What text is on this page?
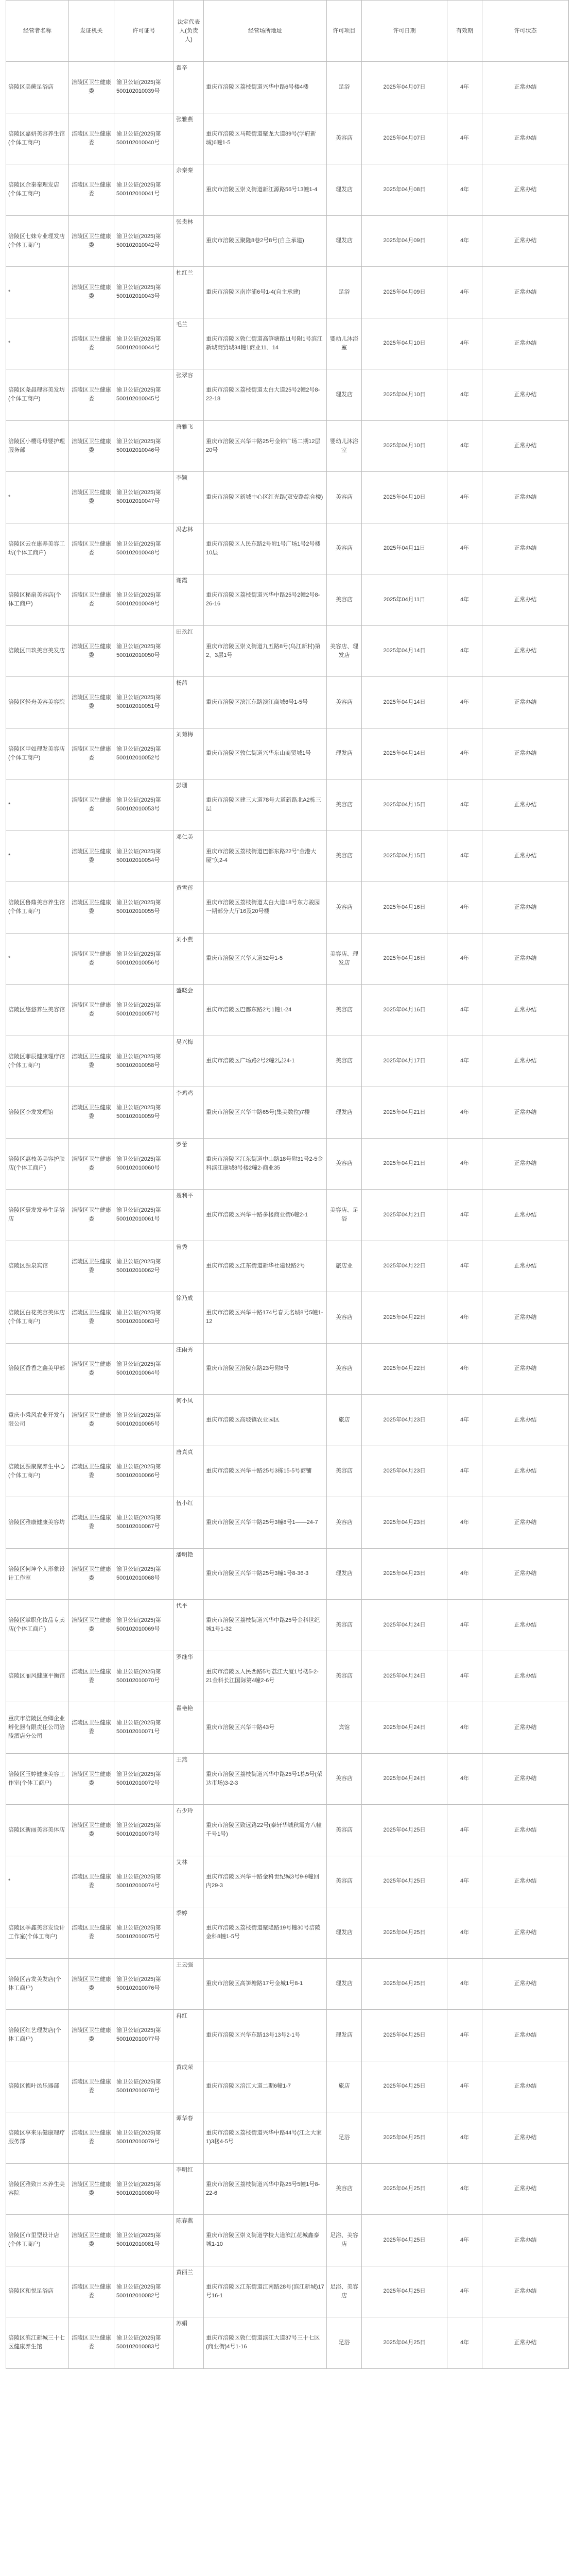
经营者名称	发证机关	许可证号	法定代表人(负责人)	经营场所地址	许可项目	许可日期	有效期	许可状态
涪陵区美蕨足浴店	涪陵区卫生健康委	渝卫公证(2025)第500102010039号	翟辛	重庆市涪陵区荔枝街道兴华中路6号楼4楼	足浴	2025年04月07日	4年	正常办结
涪陵区嘉妍美容养生馆(个体工商户)	涪陵区卫生健康委	渝卫公证(2025)第500102010040号	张雅燕	重庆市涪陵区马鞍街道聚龙大道89号(学府新城)6幢1-5	美容店	2025年04月07日	4年	正常办结
涪陵区余秦秦理发店(个体工商户)	涪陵区卫生健康委	渝卫公证(2025)第500102010041号	余秦秦	重庆市涪陵区崇义街道新江源路56号13幢1-4	理发店	2025年04月08日	4年	正常办结
涪陵区七妹专业理发店(个体工商户)	涪陵区卫生健康委	渝卫公证(2025)第500102010042号	张贵林	重庆市涪陵区聚隆8巷2号8号(自主承建)	理发店	2025年04月09日	4年	正常办结
*	涪陵区卫生健康委	渝卫公证(2025)第500102010043号	杜红兰	重庆市涪陵区南岸浦6号1-4(自主承建)	足浴	2025年04月09日	4年	正常办结
*	涪陵区卫生健康委	渝卫公证(2025)第500102010044号	毛兰	重庆市涪陵区敦仁街道高笋塘路11号附1号滨江新城商贸城34幢1商业11、14	婴幼儿沐浴室	2025年04月10日	4年	正常办结
涪陵区尧晨理容美发坊(个体工商户)	涪陵区卫生健康委	渝卫公证(2025)第500102010045号	张翠容	重庆市涪陵区荔枝街道太白大道25号2幢2号8-22-18	理发店	2025年04月10日	4年	正常办结
涪陵区小樱母母婴护理服务部	涪陵区卫生健康委	渝卫公证(2025)第500102010046号	唐雅飞	重庆市涪陵区兴华中路25号金钟广场二期12层20号	婴幼儿沐浴室	2025年04月10日	4年	正常办结
*	涪陵区卫生健康委	渝卫公证(2025)第500102010047号	李颖	重庆市涪陵区新城中心区红光路(双安路综合楼)	美容店	2025年04月10日	4年	正常办结
涪陵区云在康养美容工坊(个体工商户)	涪陵区卫生健康委	渝卫公证(2025)第500102010048号	冯志林	重庆市涪陵区人民东路2号附1号广场1号2号楼10层	美容店	2025年04月11日	4年	正常办结
涪陵区秘扇美容店(个体工商户)	涪陵区卫生健康委	渝卫公证(2025)第500102010049号	谢霞	重庆市涪陵区荔枝街道兴华中路25号2幢2号8-26-16	美容店	2025年04月11日	4年	正常办结
涪陵区田玖美容美发店	涪陵区卫生健康委	渝卫公证(2025)第500102010050号	田玖红	重庆市涪陵区崇义街道九五路8号(乌江新村)第2、3层1号	美容店、理发店	2025年04月14日	4年	正常办结
涪陵区轻舟美容美容院	涪陵区卫生健康委	渝卫公证(2025)第500102010051号	杨茜	重庆市涪陵区滨江东路滨江商城6号1-5号	美容店	2025年04月14日	4年	正常办结
涪陵区甲如理发美容店(个体工商户)	涪陵区卫生健康委	渝卫公证(2025)第500102010052号	刘菊梅	重庆市涪陵区敦仁街道兴华东山商贸城1号	理发店	2025年04月14日	4年	正常办结
*	涪陵区卫生健康委	渝卫公证(2025)第500102010053号	彭珊	重庆市涪陵区建三大道78号大道新路北A2栋三层	美容店	2025年04月15日	4年	正常办结
*	涪陵区卫生健康委	渝卫公证(2025)第500102010054号	邓仁美	重庆市涪陵区荔枝街道巴都东路22号"金港大厦"负2-4	美容店	2025年04月15日	4年	正常办结
涪陵区鲁鼎美容养生馆(个体工商户)	涪陵区卫生健康委	渝卫公证(2025)第500102010055号	黄雪莲	重庆市涪陵区荔枝街道太白大道18号东方骏园一期部分大厅16及20号楼	美容店	2025年04月16日	4年	正常办结
*	涪陵区卫生健康委	渝卫公证(2025)第500102010056号	刘小燕	重庆市涪陵区兴华大道32号1-5	美容店、理发店	2025年04月16日	4年	正常办结
涪陵区悠悠养生美容馆	涪陵区卫生健康委	渝卫公证(2025)第500102010057号	盛晓会	重庆市涪陵区巴都东路2号1幢1-24	美容店	2025年04月16日	4年	正常办结
涪陵区菲辰健康理疗馆(个体工商户)	涪陵区卫生健康委	渝卫公证(2025)第500102010058号	吴兴梅	重庆市涪陵区广场路2号2幢2层24-1	美容店	2025年04月17日	4年	正常办结
涪陵区李发发理馆	涪陵区卫生健康委	渝卫公证(2025)第500102010059号	李鸡鸡	重庆市涪陵区兴华中路65号(集美数位)7楼	理发店	2025年04月21日	4年	正常办结
涪陵区荔枝美美容护肤店(个体工商户)	涪陵区卫生健康委	渝卫公证(2025)第500102010060号	罗蕾	重庆市涪陵区江东街道中山路18号附31号2-5金科滨江康城8号楼2幢2-商业35	美容店	2025年04月21日	4年	正常办结
涪陵区聂发发养生足浴店	涪陵区卫生健康委	渝卫公证(2025)第500102010061号	聂利平	重庆市涪陵区兴华中路多楼商业街6幢2-1	美容店、足浴	2025年04月21日	4年	正常办结
涪陵区源泉宾馆	涪陵区卫生健康委	渝卫公证(2025)第500102010062号	曾秀	重庆市涪陵区江东街道新华社建设路2号	旅店业	2025年04月22日	4年	正常办结
涪陵区白花美容美体店(个体工商户)	涪陵区卫生健康委	渝卫公证(2025)第500102010063号	徐乃成	重庆市涪陵区兴华中路174号春天名城8号5幢1-12	美容店	2025年04月22日	4年	正常办结
涪陵区香香之鑫美甲部	涪陵区卫生健康委	渝卫公证(2025)第500102010064号	汪雨秀	重庆市涪陵区涪陵东路23号附8号	美容店	2025年04月22日	4年	正常办结
重庆小乘风农业开发有限公司	涪陵区卫生健康委	渝卫公证(2025)第500102010065号	何小凤	重庆市涪陵区高坡镇农业园区	旅店	2025年04月23日	4年	正常办结
涪陵区源聚聚养生中心(个体工商户)	涪陵区卫生健康委	渝卫公证(2025)第500102010066号	唐真真	重庆市涪陵区兴华中路25号3栋15-5号商铺	美容店	2025年04月23日	4年	正常办结
涪陵区雅康健康美容坊	涪陵区卫生健康委	渝卫公证(2025)第500102010067号	伍小红	重庆市涪陵区兴华中路25号3幢8号1——24-7	美容店	2025年04月23日	4年	正常办结
涪陵区何坤个人形象设计工作室	涪陵区卫生健康委	渝卫公证(2025)第500102010068号	潘明艳	重庆市涪陵区兴华中路25号3幢1号8-36-3	理发店	2025年04月23日	4年	正常办结
涪陵区掌职化妆品专卖店(个体工商户)	涪陵区卫生健康委	渝卫公证(2025)第500102010069号	代平	重庆市涪陵区荔枝街道兴华中路25号金科世纪城1号1-32	美容店	2025年04月24日	4年	正常办结
涪陵区丽风健康平衡馆	涪陵区卫生健康委	渝卫公证(2025)第500102010070号	罗继华	重庆市涪陵区人民西路5号荔江大厦1号楼5-2-21金科长江国际第4幢2-6号	美容店	2025年04月24日	4年	正常办结
重庆市涪陵区金卿企业孵化器有限责任公司涪陵酒店分公司	涪陵区卫生健康委	渝卫公证(2025)第500102010071号	翟艳艳	重庆市涪陵区兴华中路43号	宾馆	2025年04月24日	4年	正常办结
涪陵区玉婷健康美容工作室(个体工商户)	涪陵区卫生健康委	渝卫公证(2025)第500102010072号	王燕	重庆市涪陵区荔枝街道兴华中路25号1栋5号(荣达市场)3-2-3	美容店	2025年04月24日	4年	正常办结
涪陵区新丽美容美体店	涪陵区卫生健康委	渝卫公证(2025)第500102010073号	石少玲	重庆市涪陵区致远路22号(泰轩华城秋霞方八幢千号1号)	美容店	2025年04月25日	4年	正常办结
*	涪陵区卫生健康委	渝卫公证(2025)第500102010074号	艾林	重庆市涪陵区兴华中路金科世纪城3号9-9幢回内29-3	美容店	2025年04月25日	4年	正常办结
涪陵区季鑫美容发设计工作室(个体工商户)	涪陵区卫生健康委	渝卫公证(2025)第500102010075号	季婷	重庆市涪陵区荔枝街道聚隆路19号幢30号涪陵金科8幢1-5号	理发店	2025年04月25日	4年	正常办结
涪陵区吉发美发店(个体工商户)	涪陵区卫生健康委	渝卫公证(2025)第500102010076号	王云强	重庆市涪陵区高笋塘路17号金城1号8-1	理发店	2025年04月25日	4年	正常办结
涪陵区红艺理发店(个体工商户)	涪陵区卫生健康委	渝卫公证(2025)第500102010077号	冉红	重庆市涪陵区兴华东路13号13号2-1号	理发店	2025年04月25日	4年	正常办结
涪陵区德叶邑乐器部	涪陵区卫生健康委	渝卫公证(2025)第500102010078号	黄成荣	重庆市涪陵区涪江大道二期6幢1-7	旅店	2025年04月25日	4年	正常办结
涪陵区享来乐健康理疗服务部	涪陵区卫生健康委	渝卫公证(2025)第500102010079号	谭华春	重庆市涪陵区荔枝街道兴华中路44号(江之大家1)3楼4-5号	足浴	2025年04月25日	4年	正常办结
涪陵区雅致日本养生美容院	涪陵区卫生健康委	渝卫公证(2025)第500102010080号	李明红	重庆市涪陵区荔枝街道兴华中路25号5幢1号8-22-6	美容店	2025年04月25日	4年	正常办结
涪陵区市里型设计店(个体工商户)	涪陵区卫生健康委	渝卫公证(2025)第500102010081号	陈春燕	重庆市涪陵区崇义街道学校大道滨江花城鑫泰城1-10	足浴、美容店	2025年04月25日	4年	正常办结
涪陵区和悦足浴店	涪陵区卫生健康委	渝卫公证(2025)第500102010082号	黄丽兰	重庆市涪陵区江东街道江南路28号(滨江新城)17号16-1	足浴、美容店	2025年04月25日	4年	正常办结
涪陵区滨江新城三十七区健康养生馆	涪陵区卫生健康委	渝卫公证(2025)第500102010083号	苏娟	重庆市涪陵区敦仁街道滨江大道37号三十七区(商业街)4号1-16	足浴	2025年04月25日	4年	正常办结
